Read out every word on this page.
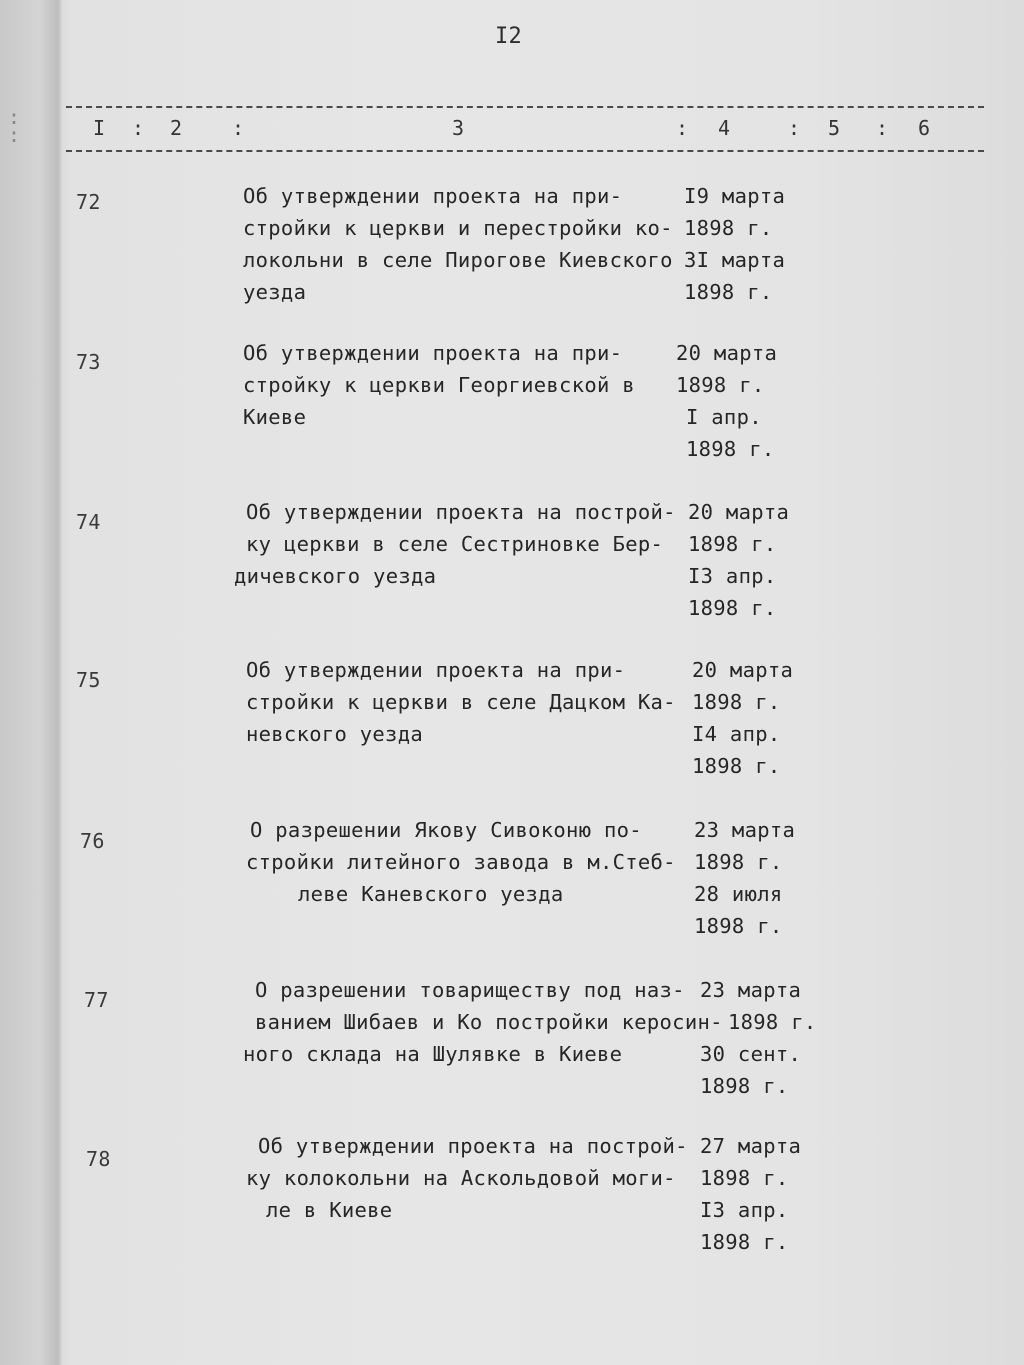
:
:
I2
I : 2 :	3	: 4	: 5 : 6
72	Об утверждении проекта на при-
стройки к церкви и перестройки ко-
локольни в селе Пирогове Киевского
уезда
I9 марта
1898 г.
3I марта
1898 г.
73	Об утверждении проекта на при-
стройку к церкви Георгиевской в
Киеве
20 марта
1898 г.
I апр.
1898 г.
74	Об утверждении проекта на построй-
ку церкви в селе Сестриновке Бер-
дичевского уезда
20 марта
1898 г.
I3 апр.
1898 г.
75	Об утверждении проекта на при-
стройки к церкви в селе Дацком Ка-
невского уезда
20 марта
1898 г.
I4 апр.
1898 г.
76	О разрешении Якову Сивоконю по-
стройки литейного завода в м.Стеб-
леве Каневского уезда
23 марта
1898 г.
28 июля
1898 г.
77	О разрешении товариществу под наз-
ванием Шибаев и Ко постройки керосин-
ного склада на Шулявке в Киеве
23 марта
1898 г.
30 сент.
1898 г.
78
Об утверждении проекта на построй-
ку колокольни на Аскольдовой моги-
ле в Киеве
27 марта
1898 г.
I3 апр.
1898 г.
